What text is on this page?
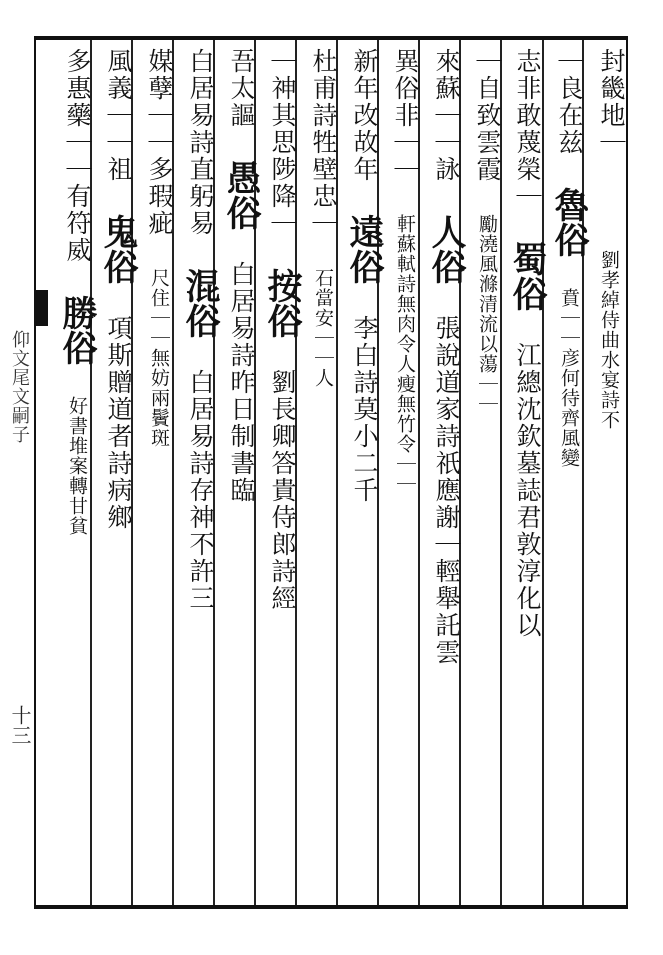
仰文尾文嗣子
十三
封畿地｜
｜良在兹 魯俗 賁｜｜彦何待齊風變 劉孝綽侍曲水宴詩不
志非敢蔑榮｜ 蜀俗 江總沈欽墓誌君敦淳化以
｜自致雲霞 勵澆風滌清流以蕩｜｜
來蘇｜｜詠 人俗 張說道家詩祇應謝｜輕舉託雲
異俗非｜｜ 軒蘇軾詩無肉令人瘦無竹令｜｜
新年改故年 遠俗 李白詩莫小二千
杜甫詩牲壁忠｜ 石當安｜｜人
｜神其思陟降｜ 按俗 劉長卿答貴侍郎詩經
吾太謳 愚俗 白居易詩昨日制書臨
白居易詩直躬易 混俗 白居易詩存神不許三
媒孽｜｜多瑕疵 尺住｜｜無妨兩鬢斑
風義｜｜祖 鬼俗 項斯贈道者詩病鄉
多惠藥｜｜有符威 勝俗 好書堆案轉甘貧
